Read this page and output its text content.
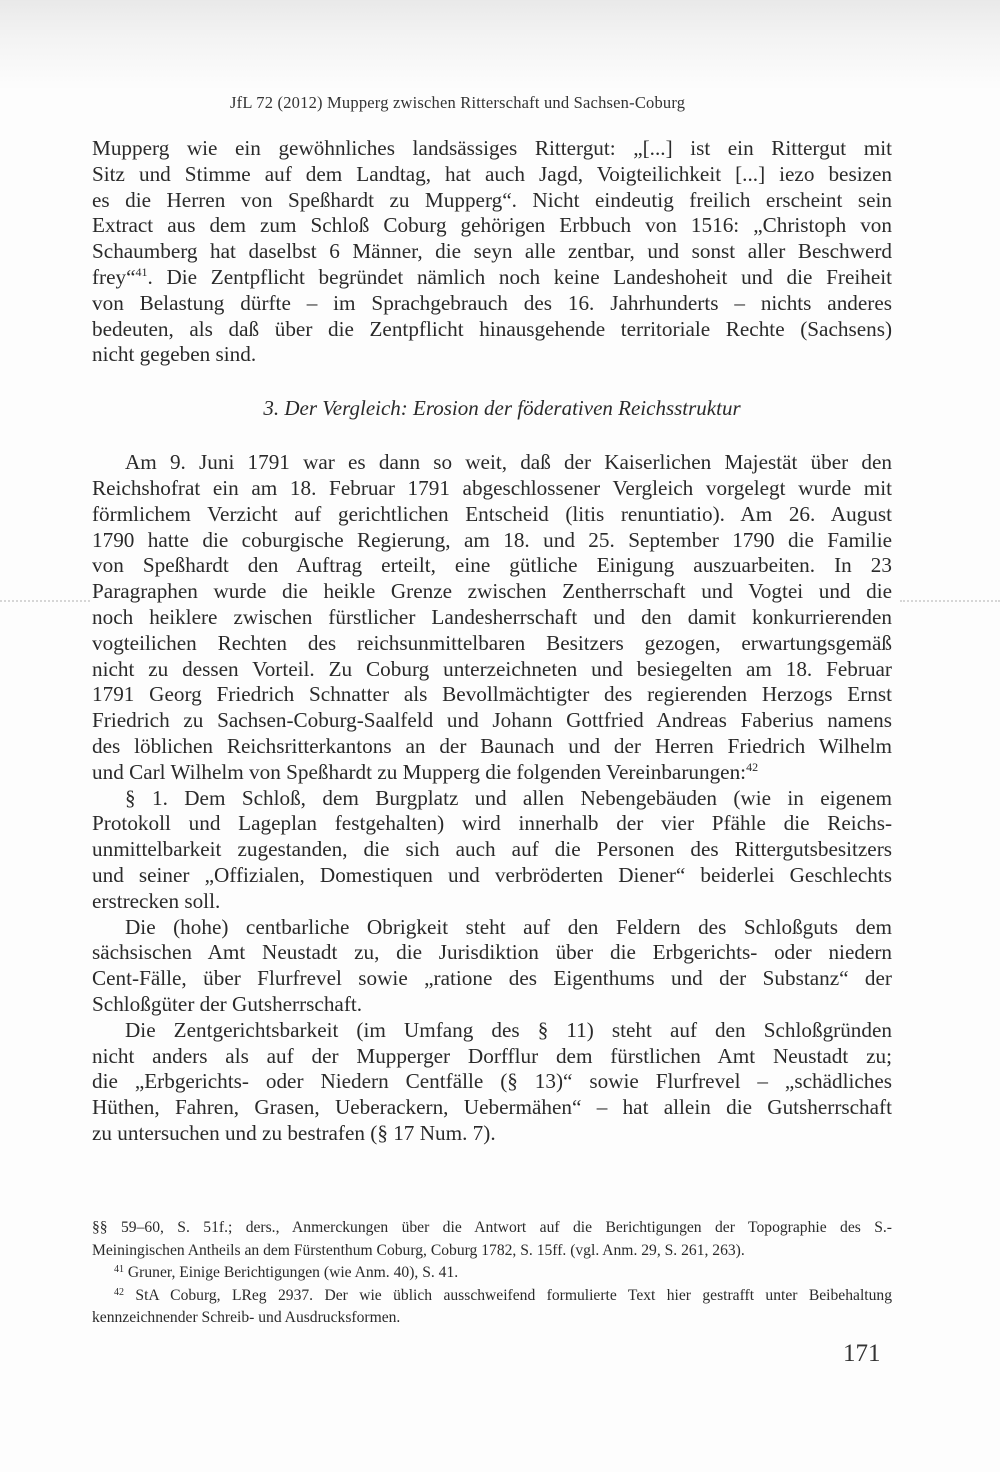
JfL 72 (2012) Mupperg zwischen Ritterschaft und Sachsen-Coburg
Mupperg wie ein gewöhnliches landsässiges Rittergut: „[...] ist ein Rittergut mit
Sitz und Stimme auf dem Landtag, hat auch Jagd, Voigteilichkeit [...] iezo besizen
es die Herren von Speßhardt zu Mupperg“. Nicht eindeutig freilich erscheint sein
Extract aus dem zum Schloß Coburg gehörigen Erbbuch von 1516: „Christoph von
Schaumberg hat daselbst 6 Männer, die seyn alle zentbar, und sonst aller Beschwerd
frey“$^{41}$. Die Zentpflicht begründet nämlich noch keine Landeshoheit und die Freiheit
von Belastung dürfte – im Sprachgebrauch des 16. Jahrhunderts – nichts anderes
bedeuten, als daß über die Zentpflicht hinausgehende territoriale Rechte (Sachsens)
nicht gegeben sind.
3. Der Vergleich: Erosion der föderativen Reichsstruktur
Am 9. Juni 1791 war es dann so weit, daß der Kaiserlichen Majestät über den
Reichshofrat ein am 18. Februar 1791 abgeschlossener Vergleich vorgelegt wurde mit
förmlichem Verzicht auf gerichtlichen Entscheid (litis renuntiatio). Am 26. August
1790 hatte die coburgische Regierung, am 18. und 25. September 1790 die Familie
von Speßhardt den Auftrag erteilt, eine gütliche Einigung auszuarbeiten. In 23
Paragraphen wurde die heikle Grenze zwischen Zentherrschaft und Vogtei und die
noch heiklere zwischen fürstlicher Landesherrschaft und den damit konkurrierenden
vogteilichen Rechten des reichsunmittelbaren Besitzers gezogen, erwartungsgemäß
nicht zu dessen Vorteil. Zu Coburg unterzeichneten und besiegelten am 18. Februar
1791 Georg Friedrich Schnatter als Bevollmächtigter des regierenden Herzogs Ernst
Friedrich zu Sachsen-Coburg-Saalfeld und Johann Gottfried Andreas Faberius namens
des löblichen Reichsritterkantons an der Baunach und der Herren Friedrich Wilhelm
und Carl Wilhelm von Speßhardt zu Mupperg die folgenden Vereinbarungen:$^{42}$
§ 1. Dem Schloß, dem Burgplatz und allen Nebengebäuden (wie in eigenem
Protokoll und Lageplan festgehalten) wird innerhalb der vier Pfähle die Reichs-
unmittelbarkeit zugestanden, die sich auch auf die Personen des Rittergutsbesitzers
und seiner „Offizialen, Domestiquen und verbröderten Diener“ beiderlei Geschlechts
erstrecken soll.
Die (hohe) centbarliche Obrigkeit steht auf den Feldern des Schloßguts dem
sächsischen Amt Neustadt zu, die Jurisdiktion über die Erbgerichts- oder niedern
Cent-Fälle, über Flurfrevel sowie „ratione des Eigenthums und der Substanz“ der
Schloßgüter der Gutsherrschaft.
Die Zentgerichtsbarkeit (im Umfang des § 11) steht auf den Schloßgründen
nicht anders als auf der Mupperger Dorfflur dem fürstlichen Amt Neustadt zu;
die „Erbgerichts- oder Niedern Centfälle (§ 13)“ sowie Flurfrevel – „schädliches
Hüthen, Fahren, Grasen, Ueberackern, Uebermähen“ – hat allein die Gutsherrschaft
zu untersuchen und zu bestrafen (§ 17 Num. 7).
§§ 59–60, S. 51f.; ders., Anmerckungen über die Antwort auf die Berichtigungen der Topographie des S.-
Meiningischen Antheils an dem Fürstenthum Coburg, Coburg 1782, S. 15ff. (vgl. Anm. 29, S. 261, 263).
$^{41}$ Gruner, Einige Berichtigungen (wie Anm. 40), S. 41.
$^{42}$ StA Coburg, LReg 2937. Der wie üblich ausschweifend formulierte Text hier gestrafft unter Beibehaltung
kennzeichnender Schreib- und Ausdrucksformen.
171
